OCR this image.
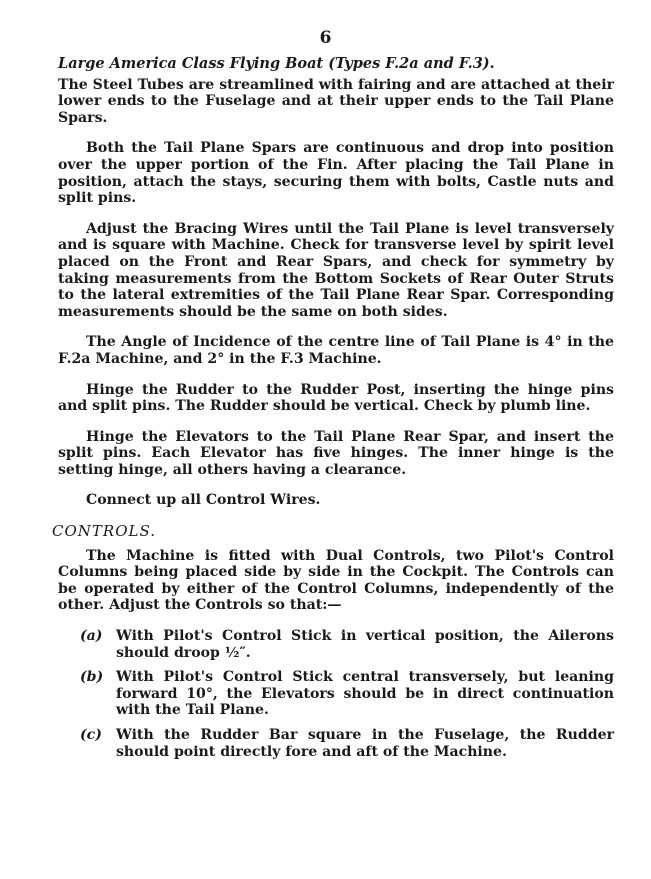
6
Large America Class Flying Boat (Types F.2a and F.3).

The Steel Tubes are streamlined with fairing and are attached at their lower ends to the Fuselage and at their upper ends to the Tail Plane Spars.

Both the Tail Plane Spars are continuous and drop into position over the upper portion of the Fin. After placing the Tail Plane in position, attach the stays, securing them with bolts, Castle nuts and split pins.

Adjust the Bracing Wires until the Tail Plane is level transversely and is square with Machine. Check for transverse level by spirit level placed on the Front and Rear Spars, and check for symmetry by taking measurements from the Bottom Sockets of Rear Outer Struts to the lateral extremities of the Tail Plane Rear Spar. Corresponding measurements should be the same on both sides.

The Angle of Incidence of the centre line of Tail Plane is 4° in the F.2a Machine, and 2° in the F.3 Machine.

Hinge the Rudder to the Rudder Post, inserting the hinge pins and split pins. The Rudder should be vertical. Check by plumb line.

Hinge the Elevators to the Tail Plane Rear Spar, and insert the split pins. Each Elevator has five hinges. The inner hinge is the setting hinge, all others having a clearance.

Connect up all Control Wires.

CONTROLS.

The Machine is fitted with Dual Controls, two Pilot's Control Columns being placed side by side in the Cockpit. The Controls can be operated by either of the Control Columns, independently of the other. Adjust the Controls so that:—

(a) With Pilot's Control Stick in vertical position, the Ailerons should droop ½″.
(b) With Pilot's Control Stick central transversely, but leaning forward 10°, the Elevators should be in direct continuation with the Tail Plane.
(c) With the Rudder Bar square in the Fuselage, the Rudder should point directly fore and aft of the Machine.
